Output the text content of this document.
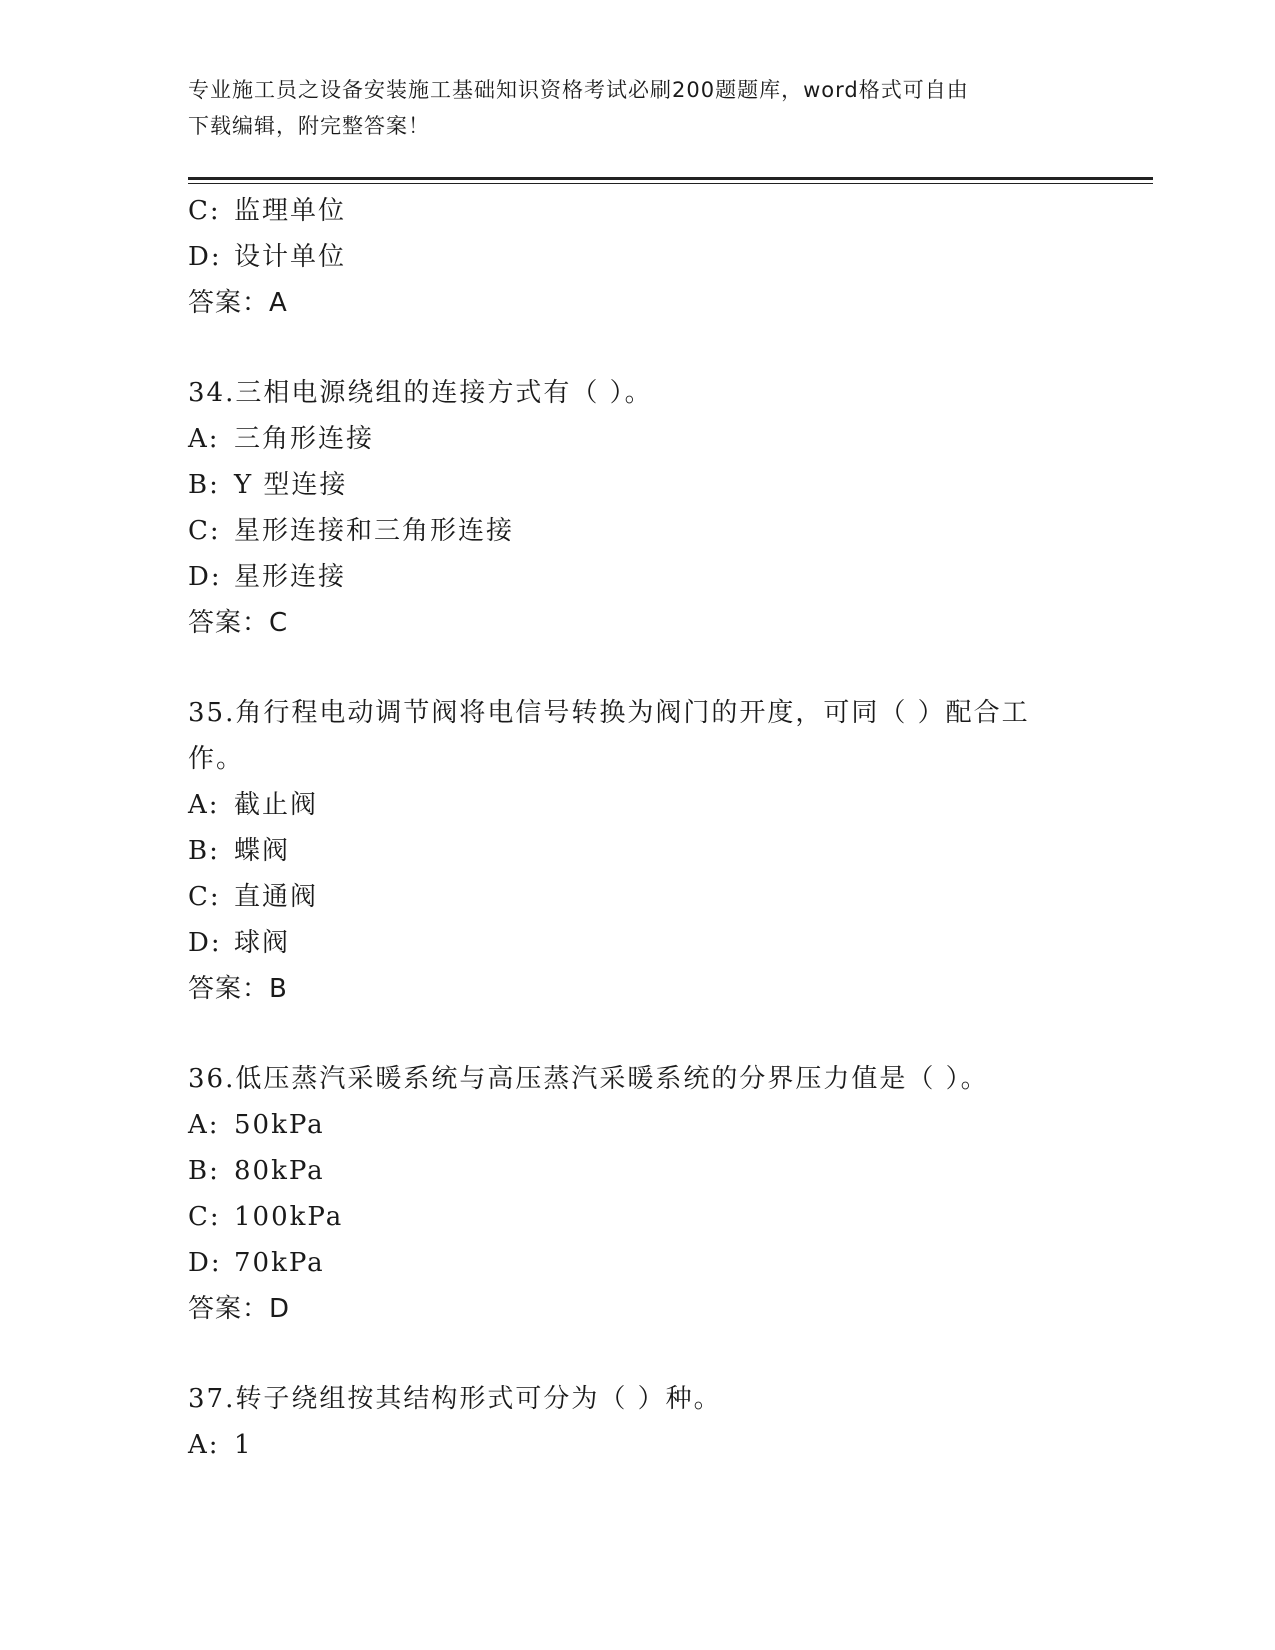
专业施工员之设备安装施工基础知识资格考试必刷200题题库，word格式可自由
下载编辑，附完整答案！
C: 监理单位
D: 设计单位
答案：A
34.三相电源绕组的连接方式有（ ）。
A: 三角形连接
B: Y 型连接
C: 星形连接和三角形连接
D: 星形连接
答案：C
35.角行程电动调节阀将电信号转换为阀门的开度，可同（ ）配合工
作。
A: 截止阀
B: 蝶阀
C: 直通阀
D: 球阀
答案：B
36.低压蒸汽采暖系统与高压蒸汽采暖系统的分界压力值是（ ）。
A: 50kPa
B: 80kPa
C: 100kPa
D: 70kPa
答案：D
37.转子绕组按其结构形式可分为（ ）种。
A: 1
